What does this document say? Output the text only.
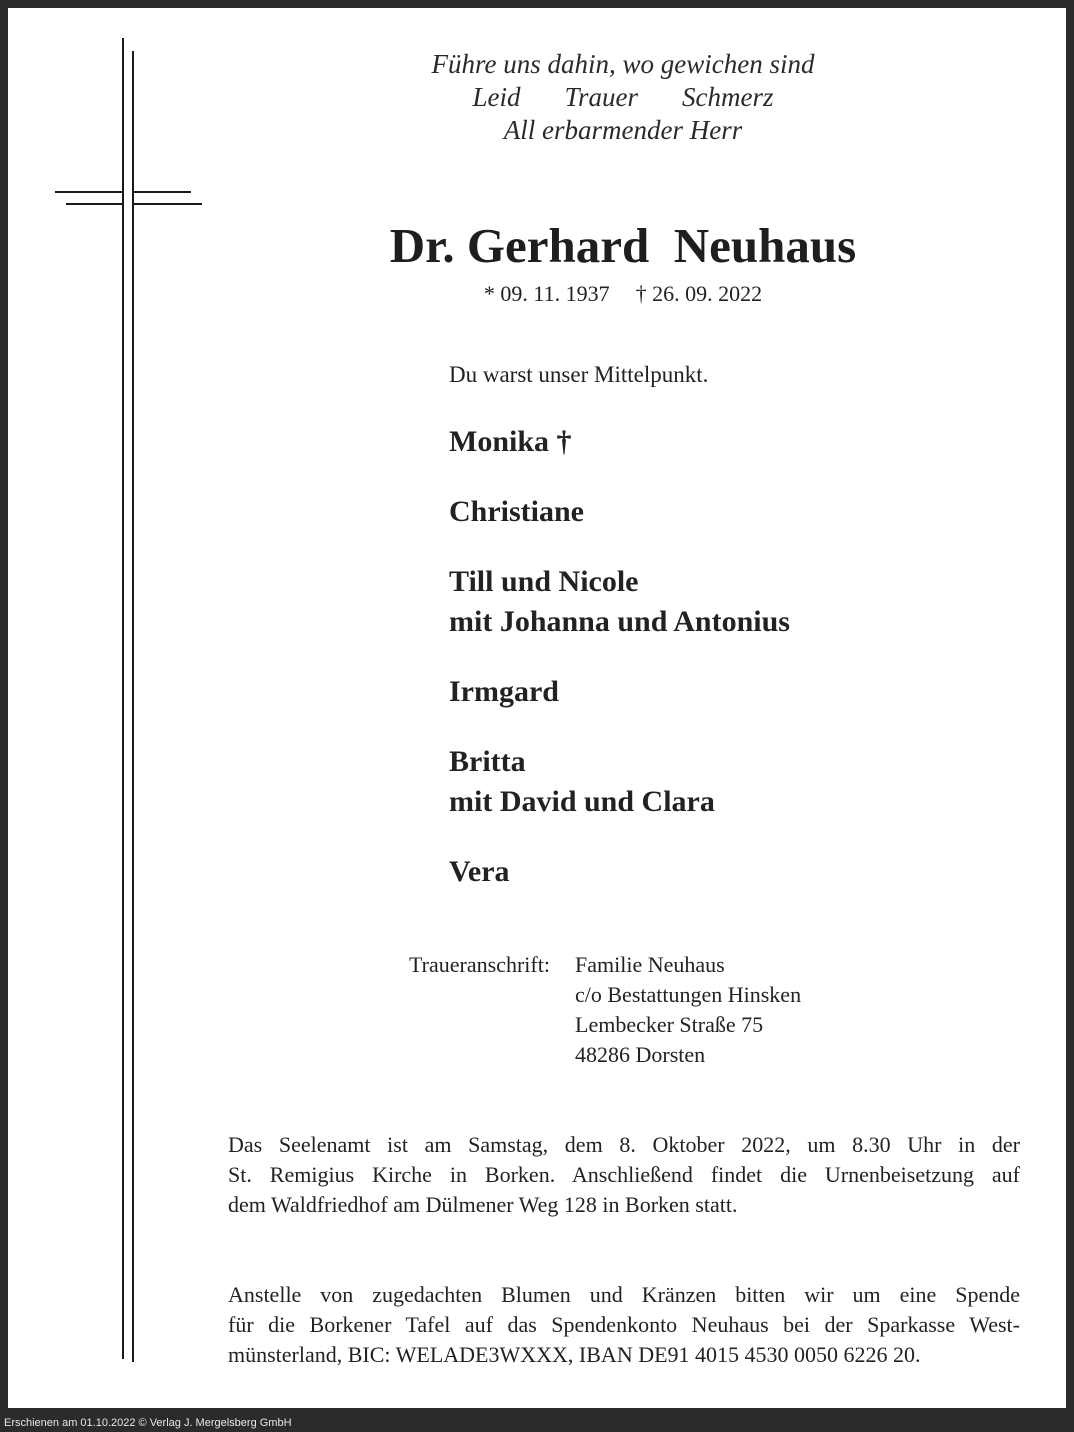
Führe uns dahin, wo gewichen sind
Leid Trauer Schmerz
All erbarmender Herr
Dr. Gerhard  Neuhaus
* 09. 11. 1937 † 26. 09. 2022
Du warst unser Mittelpunkt.
Monika †
Christiane
Till und Nicole
mit Johanna und Antonius
Irmgard
Britta
mit David und Clara
Vera
Traueranschrift: Familie Neuhaus
c/o Bestattungen Hinsken
Lembecker Straße 75
48286 Dorsten
Das Seelenamt ist am Samstag, dem 8. Oktober 2022, um 8.30 Uhr in der
St. Remigius Kirche in Borken. Anschließend findet die Urnenbeisetzung auf
dem Waldfriedhof am Dülmener Weg 128 in Borken statt.
Anstelle von zugedachten Blumen und Kränzen bitten wir um eine Spende
für die Borkener Tafel auf das Spendenkonto Neuhaus bei der Sparkasse West-
münsterland, BIC: WELADE3WXXX, IBAN DE91 4015 4530 0050 6226 20.
Erschienen am 01.10.2022 © Verlag J. Mergelsberg GmbH
